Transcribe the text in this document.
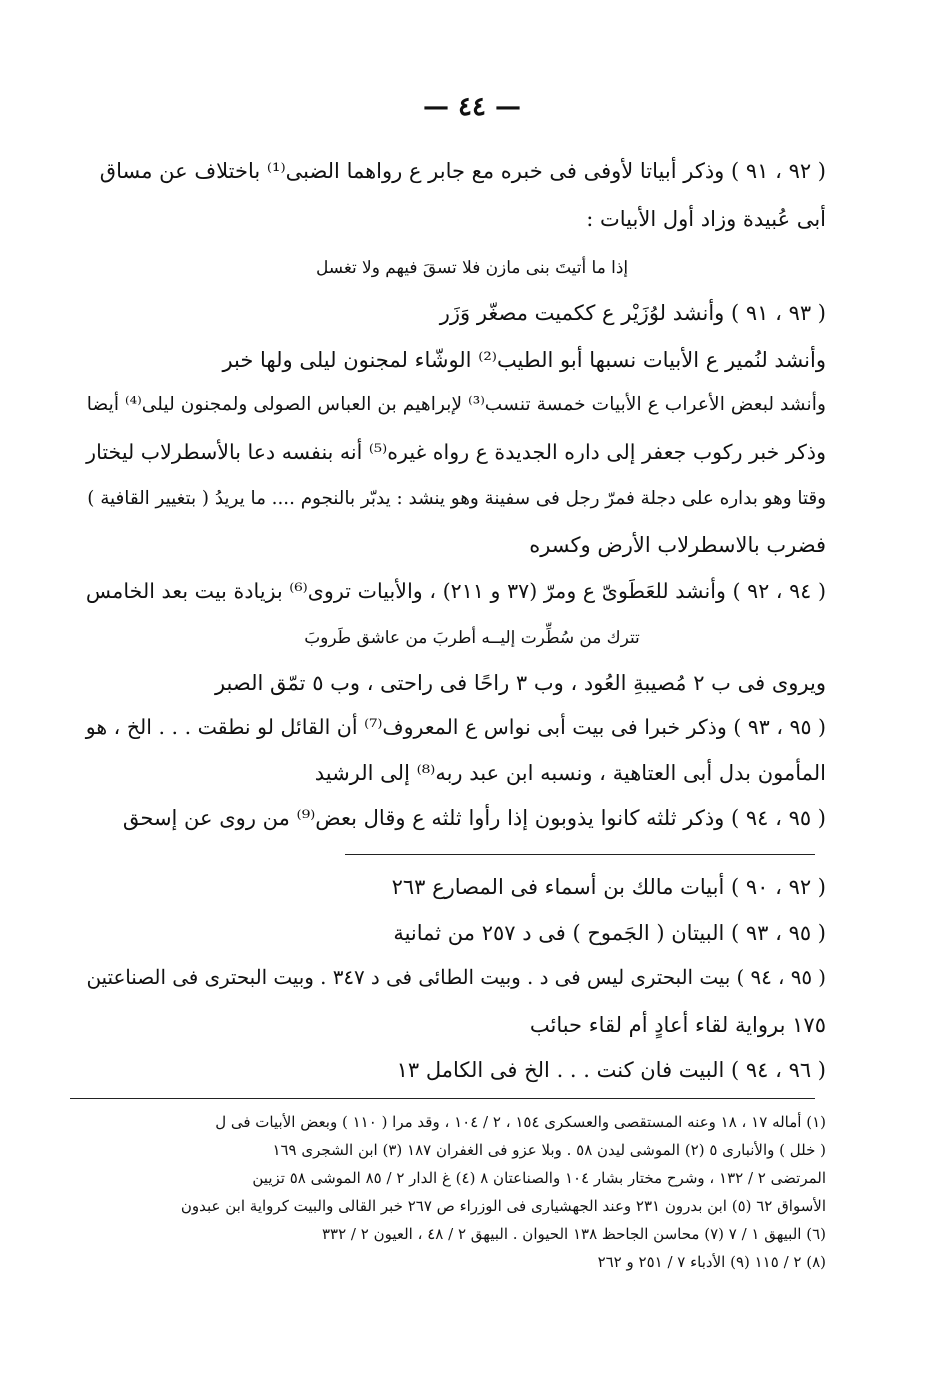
— ٤٤ —
( ٩٢ ، ٩١ ) وذكر أبياتا لأوفى فى خبره مع جابر ع رواهما الضبى⁽¹⁾ باختلاف عن مساق
أبى عُبيدة وزاد أول الأبيات :
إذا ما أتيتَ بنى مازن فلا تسقَ فيهم ولا تغسل
( ٩٣ ، ٩١ ) وأنشد لوُزَيْر ع ككميت مصغّر وَزَر
وأنشد لنُمير ع الأبيات نسبها أبو الطيب⁽²⁾ الوشّاء لمجنون ليلى ولها خبر
وأنشد لبعض الأعراب ع الأبيات خمسة تنسب⁽³⁾ لإبراهيم بن العباس الصولى ولمجنون ليلى⁽⁴⁾ أيضا
وذكر خبر ركوب جعفر إلى داره الجديدة ع رواه غيره⁽⁵⁾ أنه بنفسه دعا بالأسطرلاب ليختار
وقتا وهو بداره على دجلة فمرّ رجل فى سفينة وهو ينشد : يدبّر بالنجوم .... ما يريدُ ( بتغيير القافية )
فضرب بالاسطرلاب الأرض وكسره
( ٩٤ ، ٩٢ ) وأنشد للعَطَوىّ ع ومرّ (٣٧ و ٢١١) ، والأبيات تروى⁽⁶⁾ بزيادة بيت بعد الخامس
تترك من سُطِّرت إليــه أطربَ من عاشق طَروبَ
ويروى فى ب ٢ مُصيبةِ العُود ، وب ٣ راحًا فى راحتى ، وب ٥ تمّق الصبر
( ٩٥ ، ٩٣ ) وذكر خبرا فى بيت أبى نواس ع المعروف⁽⁷⁾ أن القائل لو نطقت . . . الخ ، هو
المأمون بدل أبى العتاهية ، ونسبه ابن عبد ربه⁽⁸⁾ إلى الرشيد
( ٩٥ ، ٩٤ ) وذكر ثلثه كانوا يذوبون إذا رأوا ثلثه ع وقال بعض⁽⁹⁾ من روى عن إسحق
( ٩٢ ، ٩٠ ) أبيات مالك بن أسماء فى المصارع ٢٦٣
( ٩٥ ، ٩٣ ) البيتان ( الجَموح ) فى د ٢٥٧ من ثمانية
( ٩٥ ، ٩٤ ) بيت البحترى ليس فى د . وبيت الطائى فى د ٣٤٧ . وبيت البحترى فى الصناعتين
١٧٥ برواية لقاء أعادٍ أم لقاء حبائب
( ٩٦ ، ٩٤ ) البيت فان كنت . . . الخ فى الكامل ١٣
(١) أماله ١٧ ، ١٨ وعنه المستقصى والعسكرى ١٥٤ ، ٢ / ١٠٤ ، وقد مرا ( ١١٠ ) وبعض الأبيات فى ل
( خلل ) والأنبارى ٥ (٢) الموشى ليدن ٥٨ . وبلا عزو فى الغفران ١٨٧ (٣) ابن الشجرى ١٦٩
المرتضى ٢ / ١٣٢ ، وشرح مختار بشار ١٠٤ والصناعتان ٨ (٤) غ الدار ٢ / ٨٥ الموشى ٥٨ تزيين
الأسواق ٦٢ (٥) ابن بدرون ٢٣١ وعند الجهشيارى فى الوزراء ص ٢٦٧ خبر القالى والبيت كرواية ابن عبدون
(٦) البيهق ١ / ٧ (٧) محاسن الجاحظ ١٣٨ الحيوان . البيهق ٢ / ٤٨ ، العيون ٢ / ٣٣٢
(٨) ٢ / ١١٥ (٩) الأدباء ٧ / ٢٥١ و ٢٦٢
